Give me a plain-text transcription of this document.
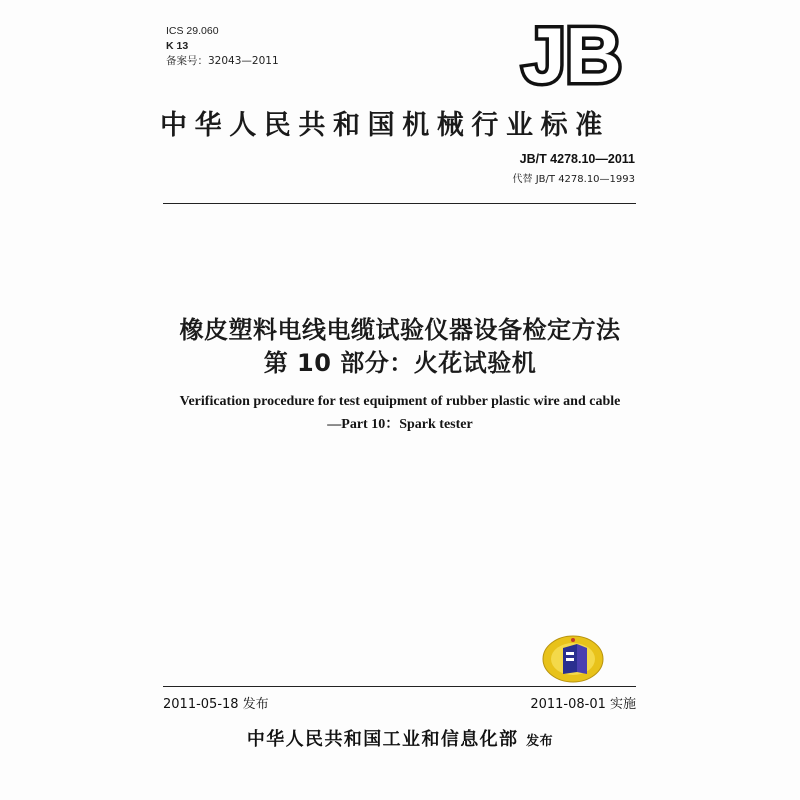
ICS 29.060
K 13
备案号：32043—2011	JB
中华人民共和国机械行业标准
JB/T 4278.10—2011
代替 JB/T 4278.10—1993
橡皮塑料电线电缆试验仪器设备检定方法
第 10 部分：火花试验机
Verification procedure for test equipment of rubber plastic wire and cable
—Part 10：Spark tester
2011-05-18 发布	2011-08-01 实施
中华人民共和国工业和信息化部 发布
